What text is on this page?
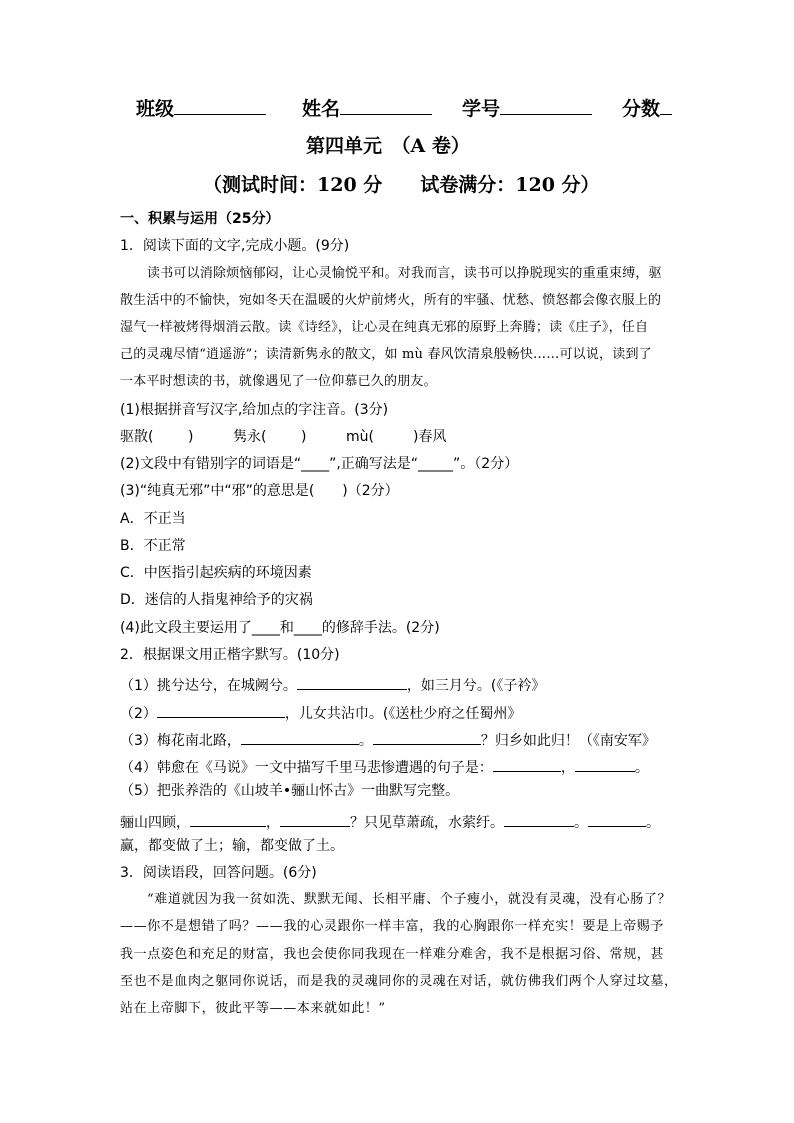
班级	姓名	学号	分数
第四单元　（A 卷）
（测试时间：120 分　　试卷满分：120 分）
一、积累与运用（25分）
1．阅读下面的文字,完成小题。(9分)
读书可以消除烦恼郁闷，让心灵愉悦平和。对我而言，读书可以挣脱现实的重重束缚，驱
散生活中的不愉快，宛如冬天在温暖的火炉前烤火，所有的牢骚、忧愁、愤怒都会像衣服上的
湿气一样被烤得烟消云散。读《诗经》，让心灵在纯真无邪的原野上奔腾；读《庄子》，任自
己的灵魂尽情“逍遥游”；读清新隽永的散文，如 mù 春风饮清泉般畅快……可以说，读到了
一本平时想读的书，就像遇见了一位仰慕已久的朋友。
(1)根据拼音写汉字,给加点的字注音。(3分)
驱散( )	隽永( )	mù(	)春风
(2)文段中有错别字的词语是“____”,正确写法是“_____”。（2分）
(3)“纯真无邪”中“邪”的意思是(　　)（2分）
A．不正当
B．不正常
C．中医指引起疾病的环境因素
D．迷信的人指鬼神给予的灾祸
(4)此文段主要运用了____和____的修辞手法。(2分)
2．根据课文用正楷字默写。(10分)
（1）挑兮达兮，在城阙兮。	，如三月兮。(《子衿》
（2）	，儿女共沾巾。(《送杜少府之任蜀州》
（3）梅花南北路，	。	？归乡如此归！（《南安军》
（4）韩愈在《马说》一文中描写千里马悲惨遭遇的句子是：	，	。
（5）把张养浩的《山坡羊•骊山怀古》一曲默写完整。
骊山四顾，	，	？只见草萧疏，水萦纡。	。	。
赢，都变做了土；输，都变做了土。
3．阅读语段，回答问题。(6分)
“难道就因为我一贫如洗、默默无闻、长相平庸、个子瘦小，就没有灵魂，没有心肠了？
——你不是想错了吗？——我的心灵跟你一样丰富，我的心胸跟你一样充实！要是上帝赐予
我一点姿色和充足的财富，我也会使你同我现在一样难分难舍，我不是根据习俗、常规，甚
至也不是血肉之躯同你说话，而是我的灵魂同你的灵魂在对话，就仿佛我们两个人穿过坟墓，
站在上帝脚下，彼此平等——本来就如此！”
